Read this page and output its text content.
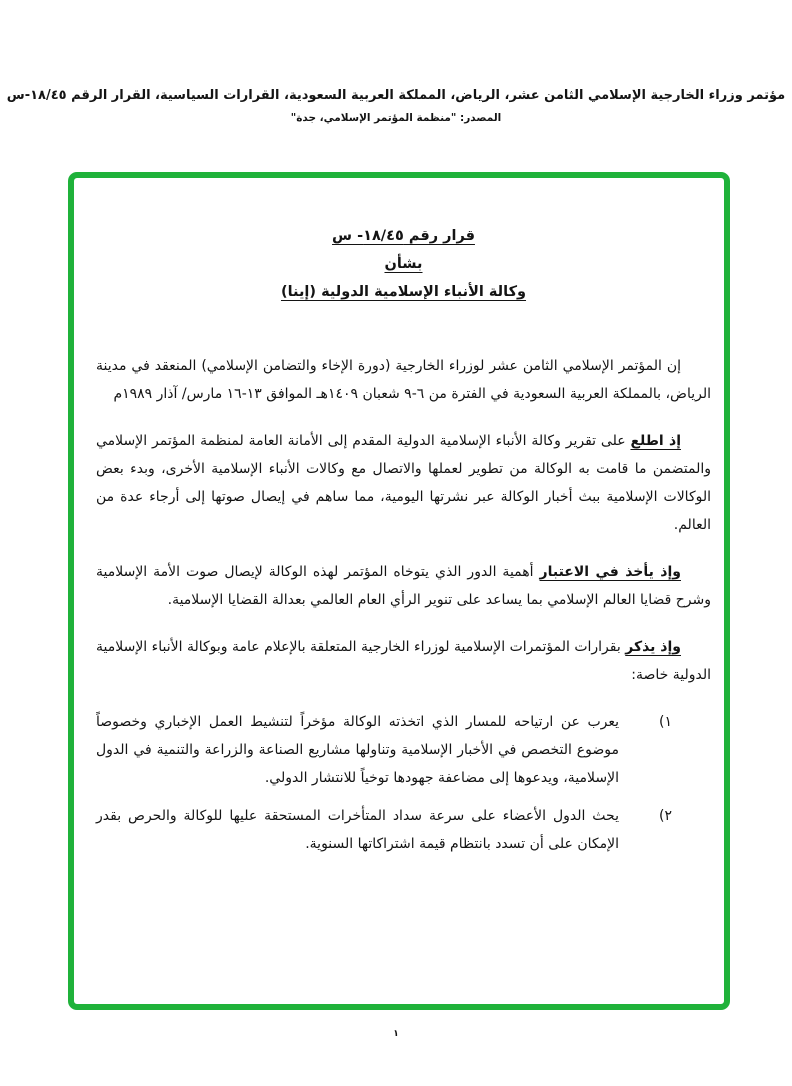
مؤتمر وزراء الخارجية الإسلامي الثامن عشر، الرياض، المملكة العربية السعودية، القرارات السياسية، القرار الرقم ١٨/٤٥-س
المصدر: "منظمة المؤتمر الإسلامي، جدة"
قرار رقم ١٨/٤٥- س
بشأن
وكالة الأنباء الإسلامية الدولية (إينا)

إن المؤتمر الإسلامي الثامن عشر لوزراء الخارجية (دورة الإخاء والتضامن الإسلامي) المنعقد في مدينة الرياض، بالمملكة العربية السعودية في الفترة من ٦-٩ شعبان ١٤٠٩هـ الموافق ١٣-١٦ مارس/ آذار ١٩٨٩م

إذ اطلع على تقرير وكالة الأنباء الإسلامية الدولية المقدم إلى الأمانة العامة لمنظمة المؤتمر الإسلامي والمتضمن ما قامت به الوكالة من تطوير لعملها والاتصال مع وكالات الأنباء الإسلامية الأخرى، وبدء بعض الوكالات الإسلامية ببث أخبار الوكالة عبر نشرتها اليومية، مما ساهم في إيصال صوتها إلى أرجاء عدة من العالم.

وإذ يأخذ في الاعتبار أهمية الدور الذي يتوخاه المؤتمر لهذه الوكالة لإيصال صوت الأمة الإسلامية وشرح قضايا العالم الإسلامي بما يساعد على تنوير الرأي العام العالمي بعدالة القضايا الإسلامية.

وإذ يذكر بقرارات المؤتمرات الإسلامية لوزراء الخارجية المتعلقة بالإعلام عامة وبوكالة الأنباء الإسلامية الدولية خاصة:

١)
يعرب عن ارتياحه للمسار الذي اتخذته الوكالة مؤخراً لتنشيط العمل الإخباري وخصوصاً موضوع التخصص في الأخبار الإسلامية وتناولها مشاريع الصناعة والزراعة والتنمية في الدول الإسلامية، ويدعوها إلى مضاعفة جهودها توخياً للانتشار الدولي.
٢)
يحث الدول الأعضاء على سرعة سداد المتأخرات المستحقة عليها للوكالة والحرص بقدر الإمكان على أن تسدد بانتظام قيمة اشتراكاتها السنوية.
١
